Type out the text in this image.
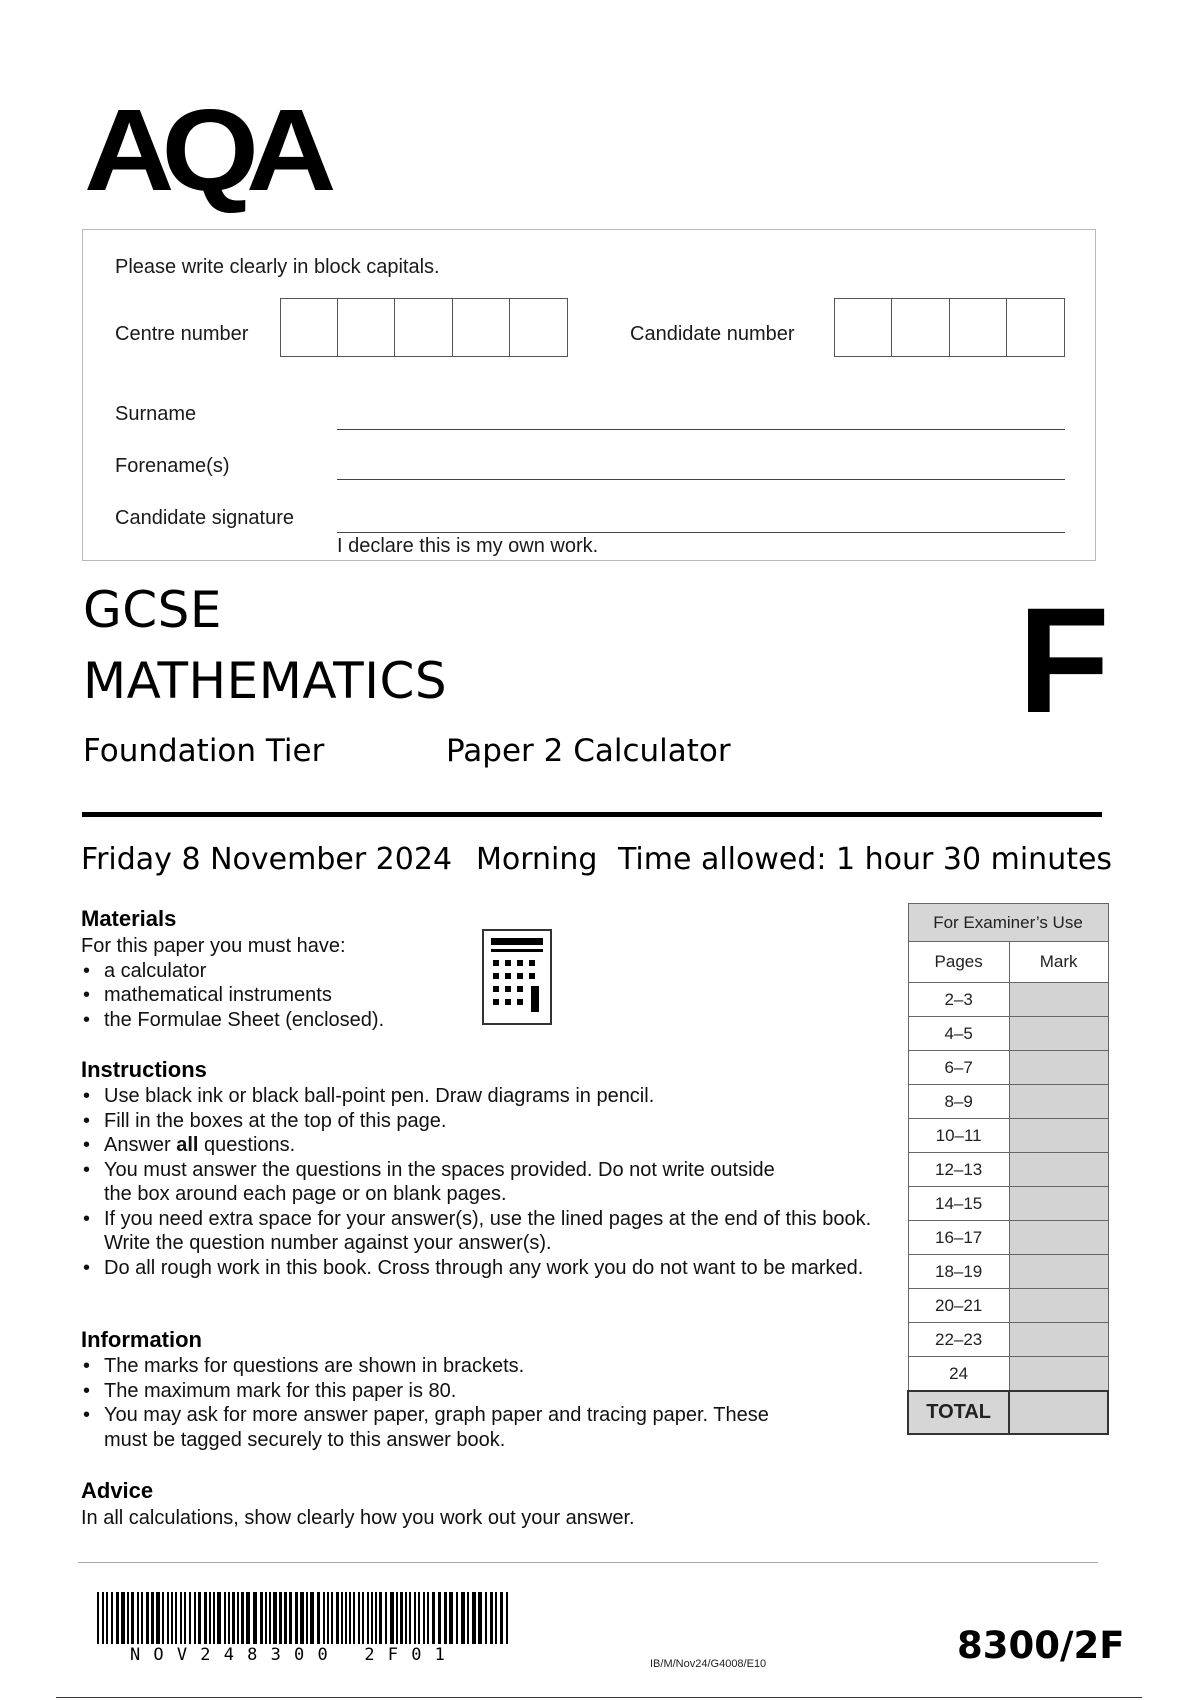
AQA
Please write clearly in block capitals.
Centre number	Candidate number
Surname
Forename(s)
Candidate signature
I declare this is my own work.
GCSE
MATHEMATICS	F
Foundation Tier	Paper 2 Calculator
Friday 8 November 2024 Morning Time allowed: 1 hour 30 minutes
Materials
For this paper you must have:
• a calculator
• mathematical instruments
• the Formulae Sheet (enclosed).
Instructions
• Use black ink or black ball-point pen. Draw diagrams in pencil.
• Fill in the boxes at the top of this page.
• Answer all questions.
• You must answer the questions in the spaces provided. Do not write outside the box around each page or on blank pages.
• If you need extra space for your answer(s), use the lined pages at the end of this book. Write the question number against your answer(s).
• Do all rough work in this book. Cross through any work you do not want to be marked.
Information
• The marks for questions are shown in brackets.
• The maximum mark for this paper is 80.
• You may ask for more answer paper, graph paper and tracing paper. These must be tagged securely to this answer book.
Advice
In all calculations, show clearly how you work out your answer.
For Examiner’s Use	
Pages	Mark
2–3	
4–5	
6–7	
8–9	
10–11	
12–13	
14–15	
16–17	
18–19	
20–21	
22–23	
24	
TOTAL	
NOV248300 2F01	IB/M/Nov24/G4008/E10	8300/2F
